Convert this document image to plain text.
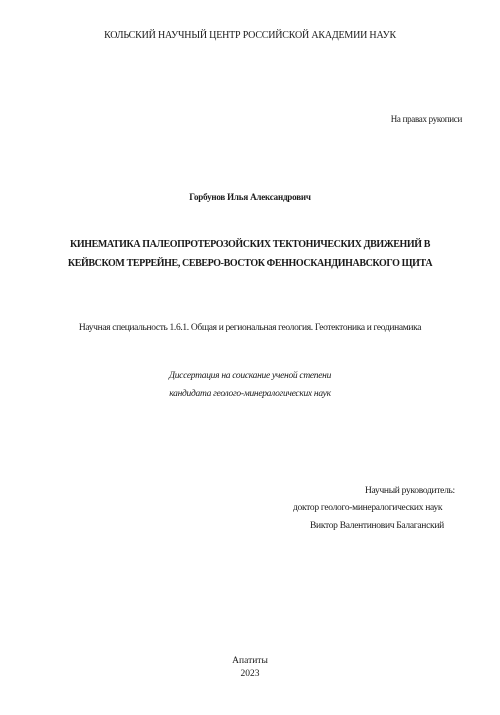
КОЛЬСКИЙ НАУЧНЫЙ ЦЕНТР РОССИЙСКОЙ АКАДЕМИИ НАУК
На правах рукописи
Горбунов Илья Александрович
КИНЕМАТИКА ПАЛЕОПРОТЕРОЗОЙСКИХ ТЕКТОНИЧЕСКИХ ДВИЖЕНИЙ В
КЕЙВСКОМ ТЕРРЕЙНЕ, СЕВЕРО-ВОСТОК ФЕННОСКАНДИНАВСКОГО ЩИТА
Научная специальность 1.6.1. Общая и региональная геология. Геотектоника и геодинамика
Диссертация на соискание ученой степени
кандидата геолого-минералогических наук
Научный руководитель:
доктор геолого-минералогических наук
Виктор Валентинович Балаганский
Апатиты
2023
